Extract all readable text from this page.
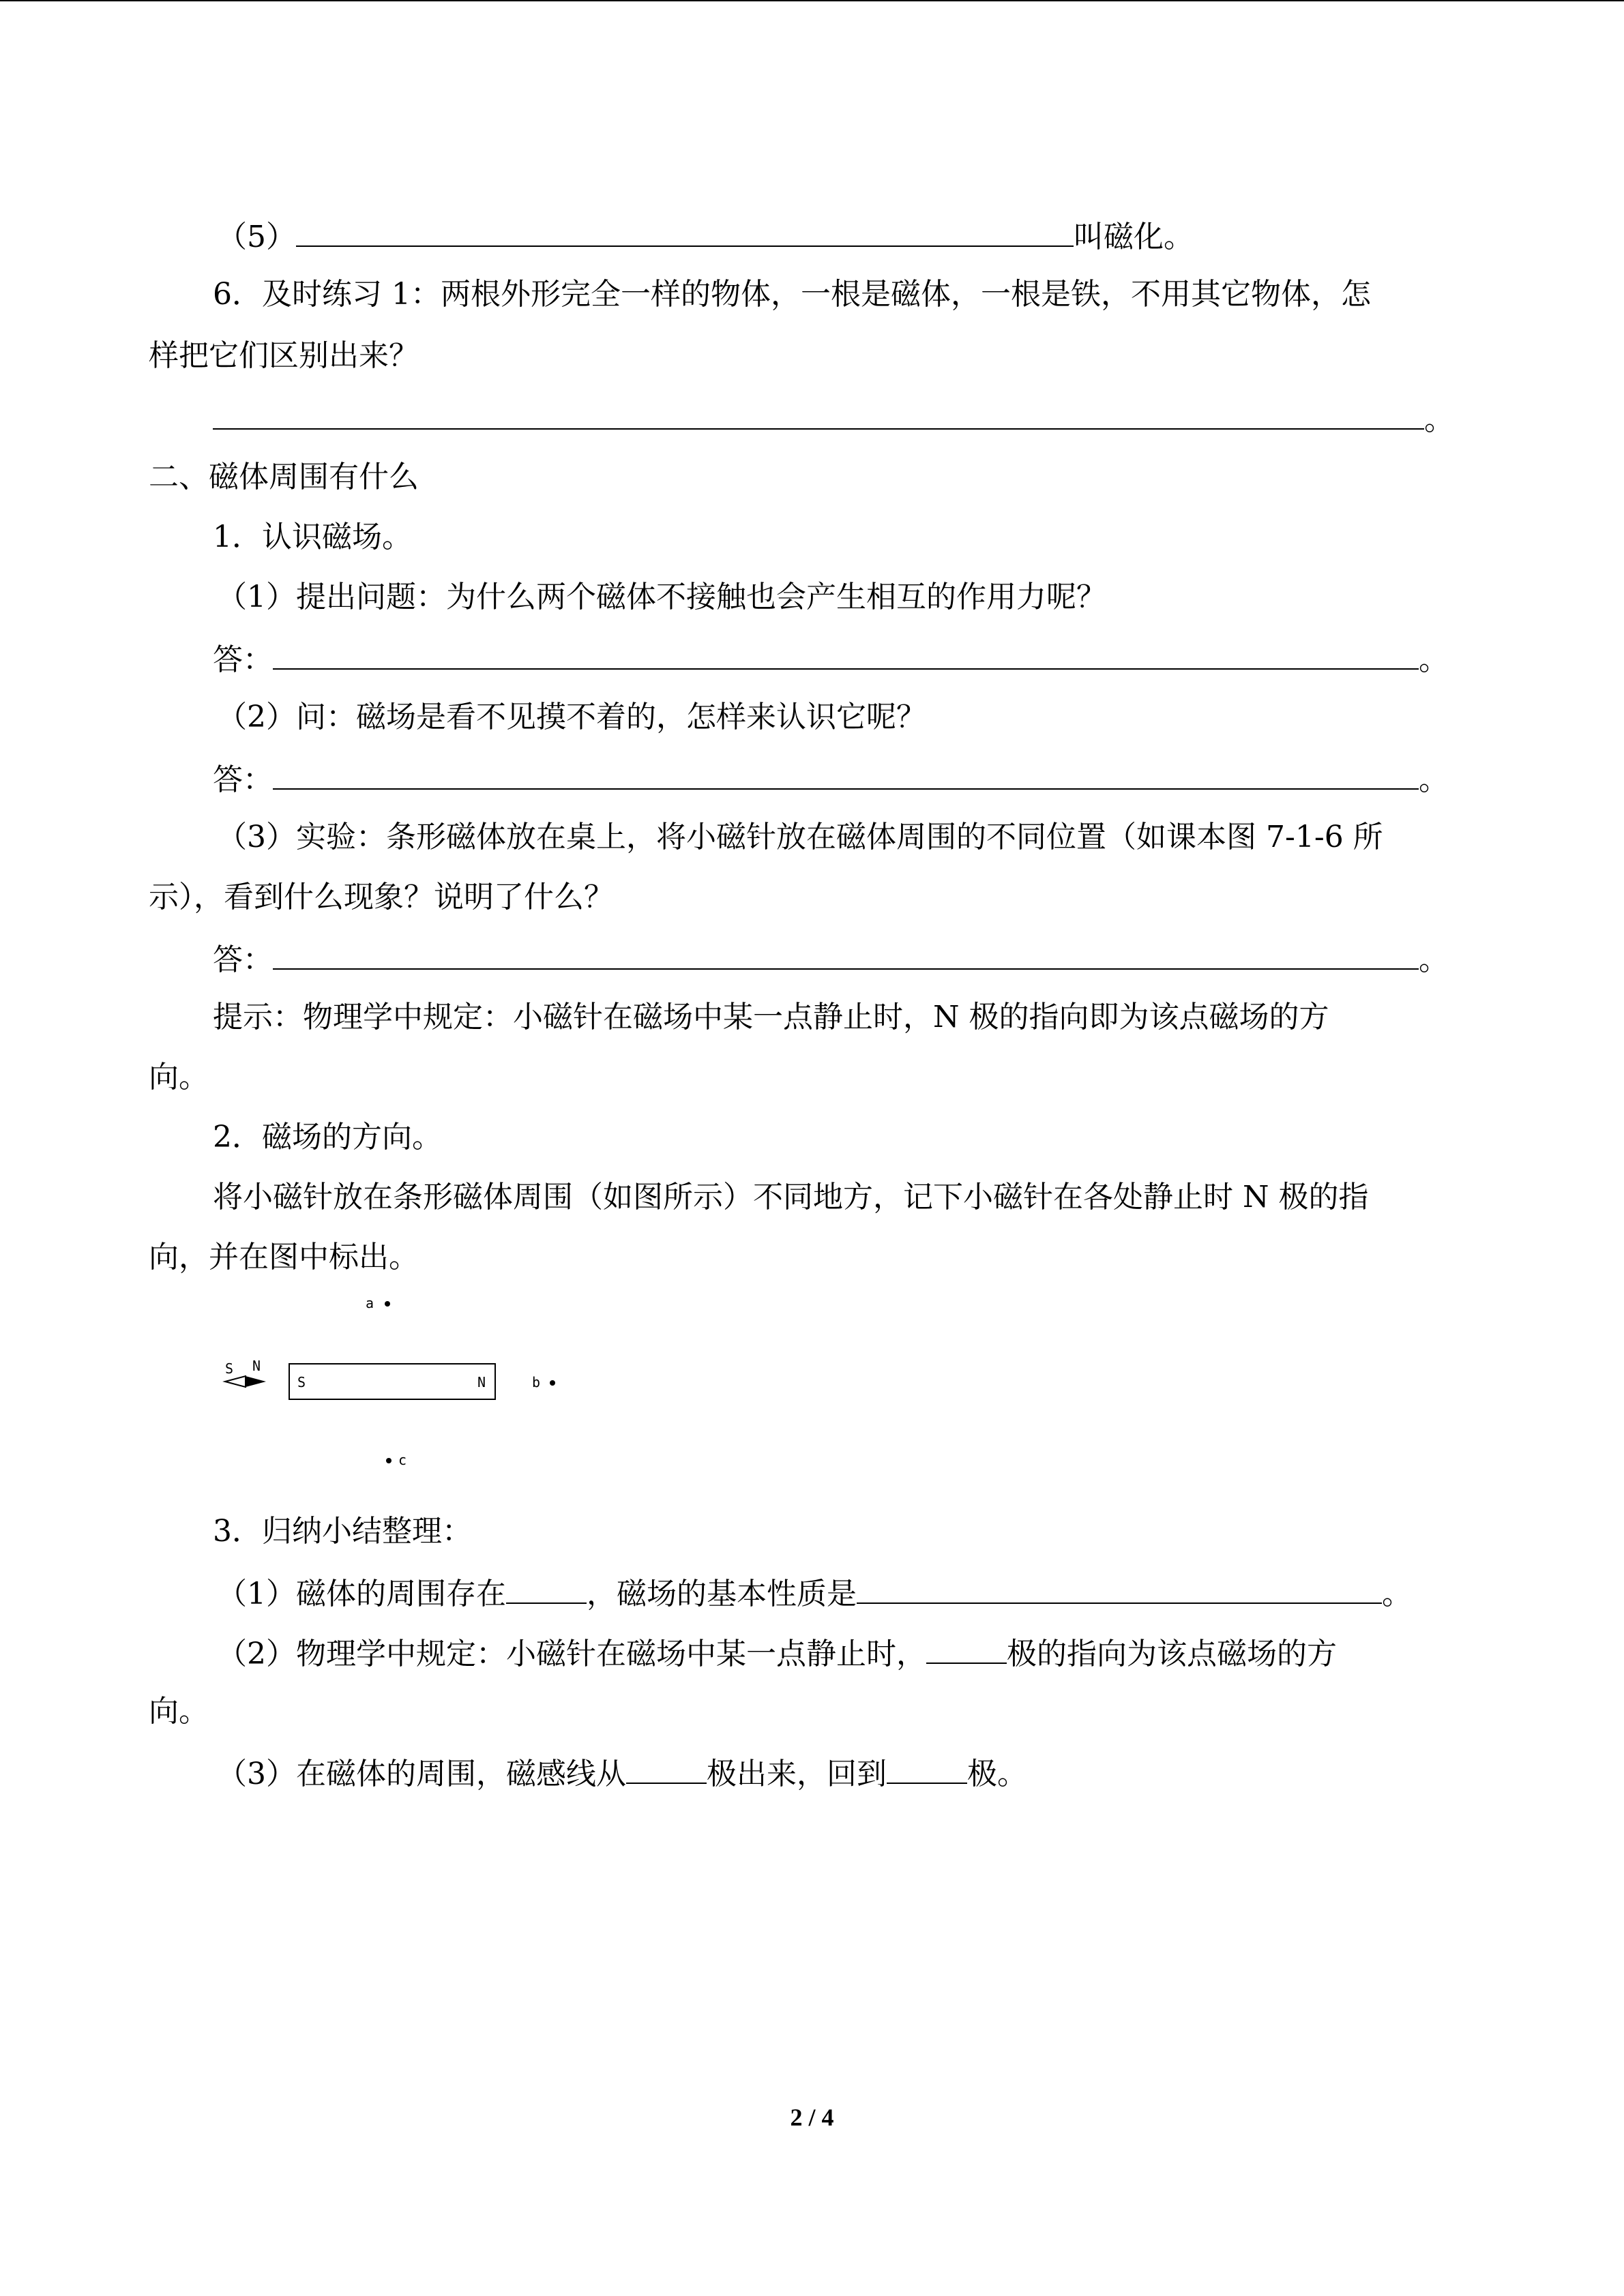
（5）	叫磁化。
6．及时练习 1：两根外形完全一样的物体，一根是磁体，一根是铁，不用其它物体，怎
样把它们区别出来？
。
二、磁体周围有什么
1．认识磁场。
（1）提出问题：为什么两个磁体不接触也会产生相互的作用力呢？
答：	。
（2）问：磁场是看不见摸不着的，怎样来认识它呢？
答：	。
（3）实验：条形磁体放在桌上，将小磁针放在磁体周围的不同位置（如课本图 7-1-6 所
示），看到什么现象？说明了什么？
答：	。
提示：物理学中规定：小磁针在磁场中某一点静止时，N 极的指向即为该点磁场的方
向。
2．磁场的方向。
将小磁针放在条形磁体周围（如图所示）不同地方，记下小磁针在各处静止时 N 极的指
向，并在图中标出。
a
S N
S	N	b
c
3．归纳小结整理：
（1）磁体的周围存在	，磁场的基本性质是	。
（2）物理学中规定：小磁针在磁场中某一点静止时，	极的指向为该点磁场的方
向。
（3）在磁体的周围，磁感线从	极出来，回到	极。
2 / 4
